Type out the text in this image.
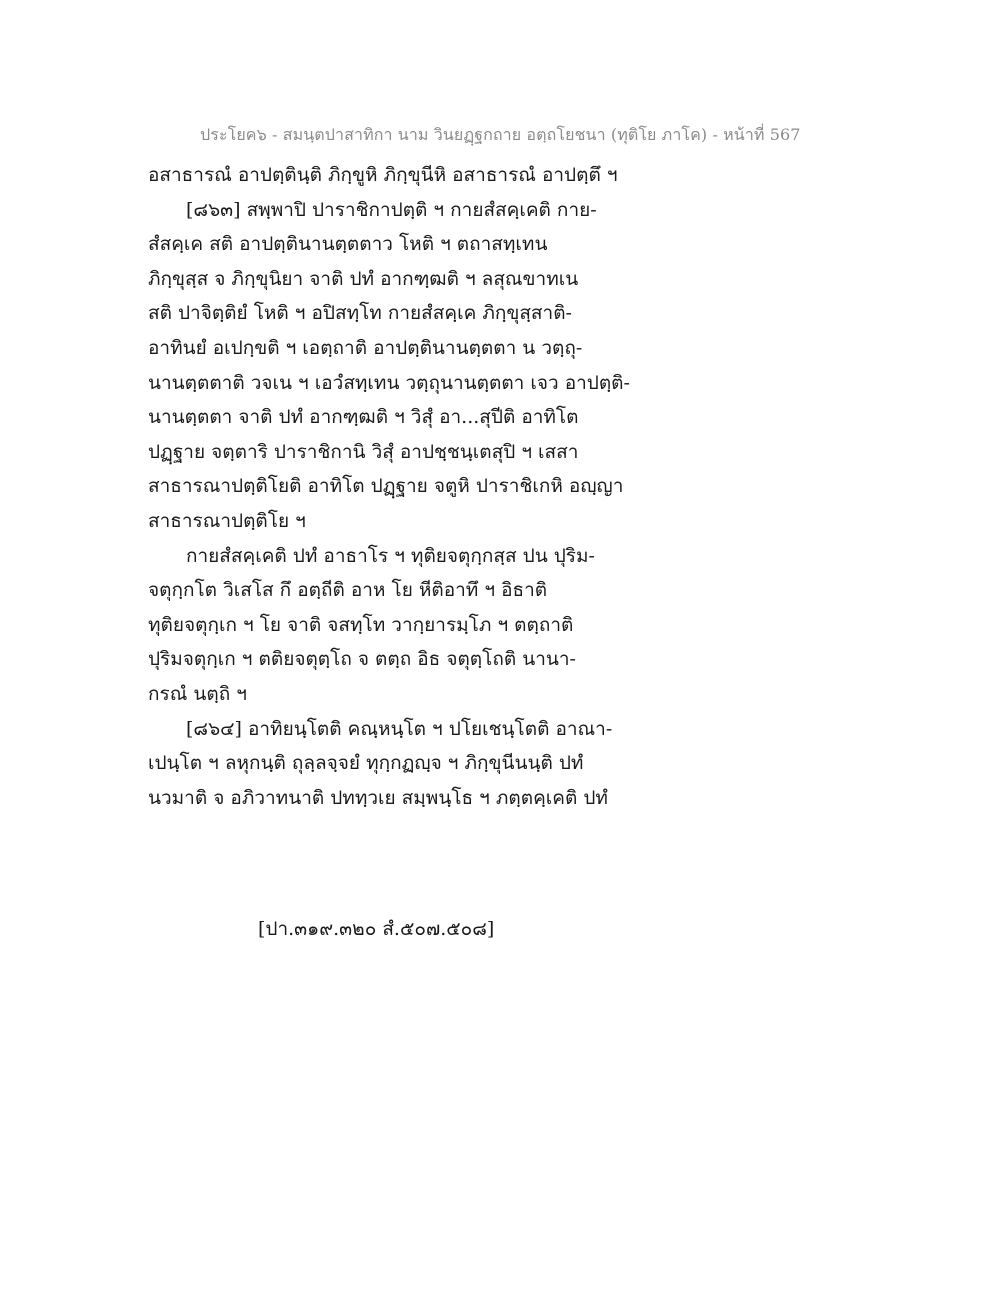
ประโยค๖ - สมนฺตปาสาทิกา นาม วินยฏฺฐกถาย อตฺถโยชนา (ทุติโย ภาโค) - หน้าที่ 567
อสาธารณํ อาปตฺตินฺติ ภิกฺขูหิ ภิกฺขุนีหิ อสาธารณํ อาปตฺตึ ฯ
[๘๖๓] สพฺพาปิ ปาราชิกาปตฺติ ฯ กายสํสคฺเคติ กาย-
สํสคฺเค สติ อาปตฺตินานตฺตตาว โหติ ฯ ตถาสทฺเทน
ภิกฺขุสฺส จ ภิกฺขุนิยา จาติ ปทํ อากฑฺฒติ ฯ ลสุณขาทเน
สติ ปาจิตฺติยํ โหติ ฯ อปิสทฺโท กายสํสคฺเค ภิกฺขุสฺสาติ-
อาทินยํ อเปกฺขติ ฯ เอตฺถาติ อาปตฺตินานตฺตตา น วตฺถุ-
นานตฺตตาติ วจเน ฯ เอวํสทฺเทน วตฺถุนานตฺตตา เจว อาปตฺติ-
นานตฺตตา จาติ ปทํ อากฑฺฒติ ฯ วิสุํ อา...สุปีติ อาทิโต
ปฏฺฐาย จตฺตาริ ปาราชิกานิ วิสุํ อาปชฺชนฺเตสุปิ ฯ เสสา
สาธารณาปตฺติโยติ อาทิโต ปฏฺฐาย จตูหิ ปาราชิเกหิ อญฺญา
สาธารณาปตฺติโย ฯ
กายสํสคฺเคติ ปทํ อาธาโร ฯ ทุติยจตุกฺกสฺส ปน ปุริม-
จตุกฺกโต วิเสโส กึ อตฺถีติ อาห โย หีติอาทึ ฯ อิธาติ
ทุติยจตุกฺเก ฯ โย จาติ จสทฺโท วากฺยารมฺโภ ฯ ตตฺถาติ
ปุริมจตุกฺเก ฯ ตติยจตุตฺโถ จ ตตฺถ อิธ จตุตฺโถติ นานา-
กรณํ นตฺถิ ฯ
[๘๖๔] อาทิยนฺโตติ คณฺหนฺโต ฯ ปโยเชนฺโตติ อาณา-
เปนฺโต ฯ ลหุกนฺติ ถุลฺลจฺจยํ ทุกฺกฏญฺจ ฯ ภิกฺขุนีนนฺติ ปทํ
นวมาติ จ อภิวาทนาติ ปททฺวเย สมฺพนฺโธ ฯ ภตฺตคฺเคติ ปทํ
[ปา.๓๑๙.๓๒๐ สํ.๕๐๗.๕๐๘]
